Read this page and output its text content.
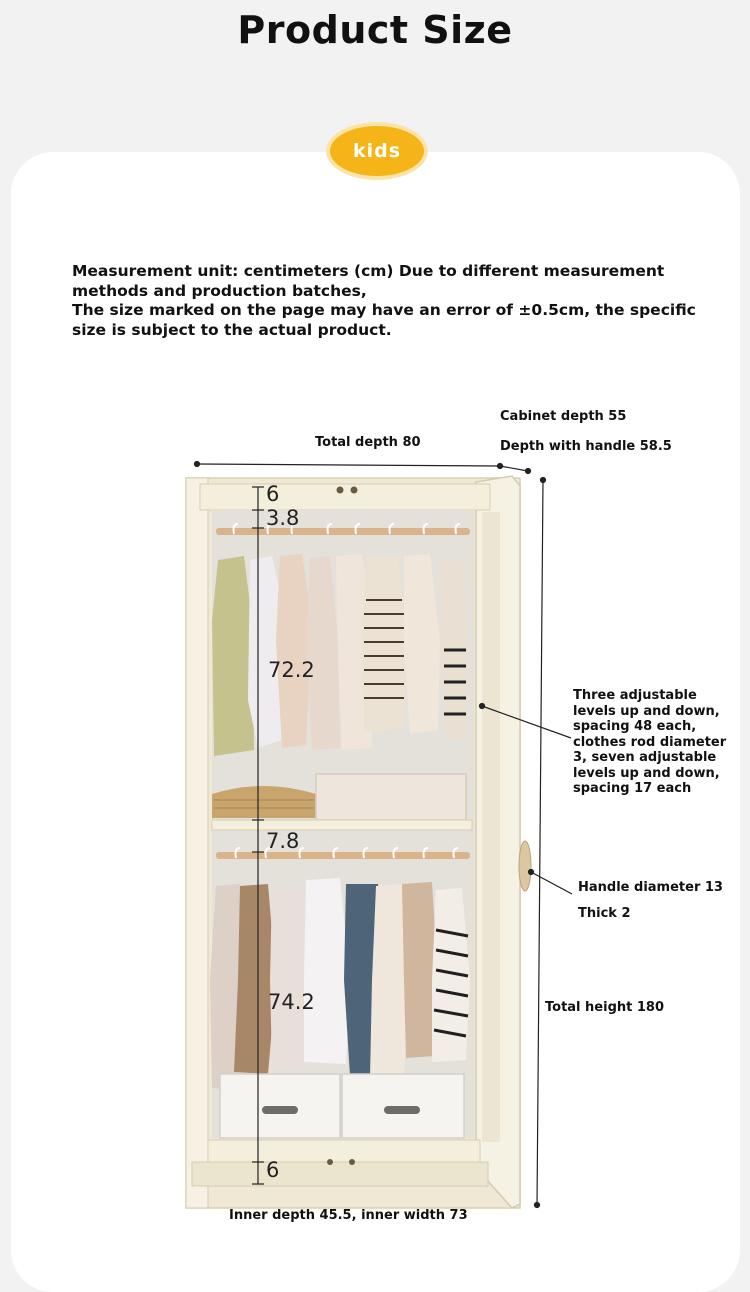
Product Size
kids

Measurement unit: centimeters (cm) Due to different measurement methods and production batches,

The size marked on the page may have an error of ±0.5cm, the specific size is subject to the actual product.

Cabinet depth 55
Depth with handle 58.5
Total depth 80
Three adjustable levels up and down, spacing 48 each, clothes rod diameter 3, seven adjustable levels up and down, spacing 17 each
Handle diameter 13
Thick 2
Total height 180
Inner depth 45.5, inner width 73
6
3.8
72.2
7.8
74.2
6
